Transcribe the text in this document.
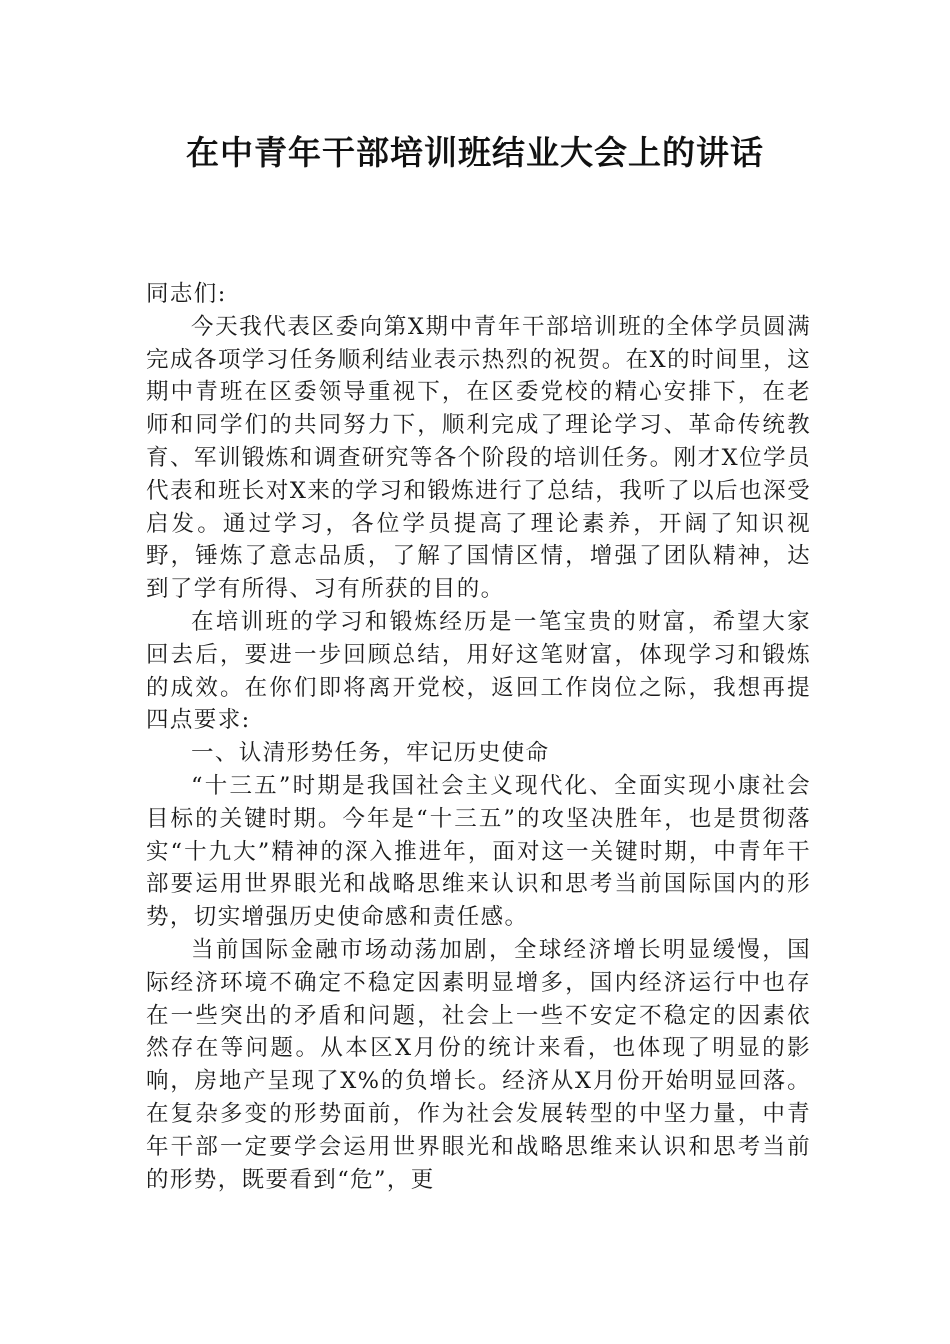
在中青年干部培训班结业大会上的讲话

同志们:

今天我代表区委向第X期中青年干部培训班的全体学员圆满完成各项学习任务顺利结业表示热烈的祝贺。在X的时间里，这期中青班在区委领导重视下，在区委党校的精心安排下，在老师和同学们的共同努力下，顺利完成了理论学习、革命传统教育、军训锻炼和调查研究等各个阶段的培训任务。刚才X位学员代表和班长对X来的学习和锻炼进行了总结，我听了以后也深受启发。通过学习，各位学员提高了理论素养，开阔了知识视野，锤炼了意志品质，了解了国情区情，增强了团队精神，达到了学有所得、习有所获的目的。

在培训班的学习和锻炼经历是一笔宝贵的财富，希望大家回去后，要进一步回顾总结，用好这笔财富，体现学习和锻炼的成效。在你们即将离开党校，返回工作岗位之际，我想再提四点要求:

一、认清形势任务，牢记历史使命

“十三五”时期是我国社会主义现代化、全面实现小康社会目标的关键时期。今年是“十三五”的攻坚决胜年，也是贯彻落实“十九大”精神的深入推进年，面对这一关键时期，中青年干部要运用世界眼光和战略思维来认识和思考当前国际国内的形势，切实增强历史使命感和责任感。

当前国际金融市场动荡加剧，全球经济增长明显缓慢，国际经济环境不确定不稳定因素明显增多，国内经济运行中也存在一些突出的矛盾和问题，社会上一些不安定不稳定的因素依然存在等问题。从本区X月份的统计来看，也体现了明显的影响，房地产呈现了X%的负增长。经济从X月份开始明显回落。在复杂多变的形势面前，作为社会发展转型的中坚力量，中青年干部一定要学会运用世界眼光和战略思维来认识和思考当前的形势，既要看到“危”，更
